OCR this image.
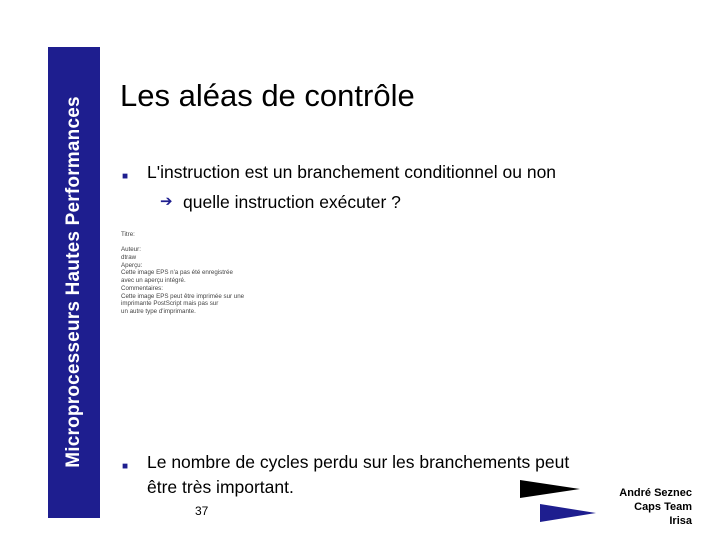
Microprocesseurs Hautes Performances
Les aléas de contrôle
■ L'instruction est un branchement conditionnel ou non
➔ quelle instruction exécuter ?
Titre:
Auteur:
dtraw
Aperçu:
Cette image EPS n'a pas été enregistrée
avec un aperçu intégré.
Commentaires:
Cette image EPS peut être imprimée sur une
imprimante PostScript mais pas sur
un autre type d'imprimante.
■ Le nombre de cycles perdu sur les branchements peut
être très important.
37
André Seznec
Caps Team
Irisa
